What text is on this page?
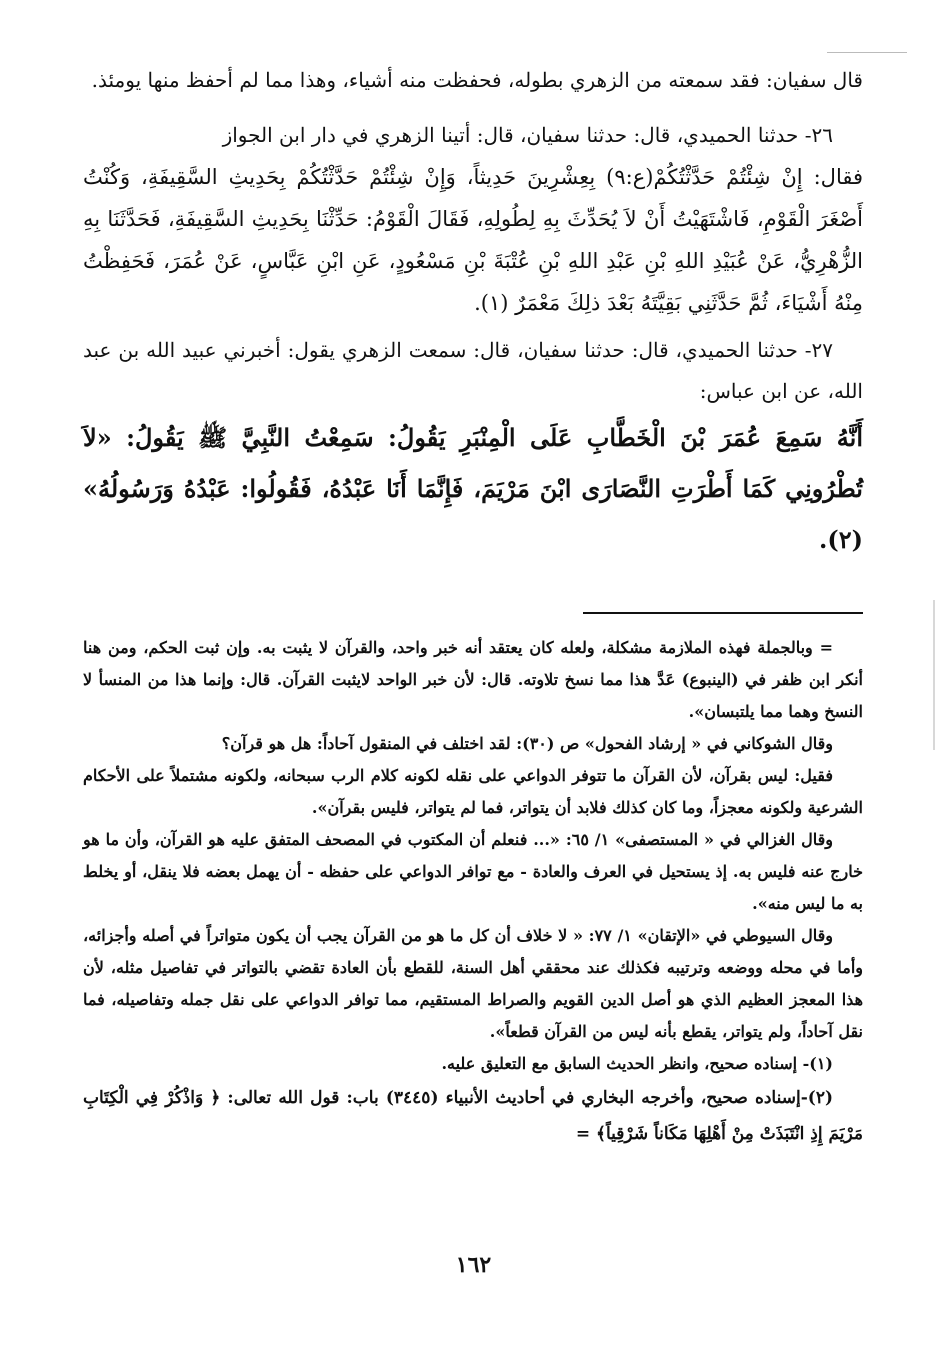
قال سفيان: فقد سمعته من الزهري بطوله، فحفظت منه أشياء، وهذا مما لم أحفظ منها يومئذ.

٢٦- حدثنا الحميدي، قال: حدثنا سفيان، قال: أتينا الزهري في دار ابن الجواز

فقال: إِنْ شِئْتُمْ حَدَّثْتُكُمْ(ع:٩) بِعِشْرِينَ حَدِيثاً، وَإِنْ شِئْتُمْ حَدَّثْتُكُمْ بِحَدِيثِ السَّقِيفَةِ، وَكُنْتُ أَصْغَرَ الْقَوْمِ، فَاشْتَهَيْتُ أَنْ لاَ يُحَدِّثَ بِهِ لِطُولِهِ، فَقَالَ الْقَوْمُ: حَدِّثْنَا بِحَدِيثِ السَّقِيفَةِ، فَحَدَّثَنَا بِهِ الزُّهْرِيُّ، عَنْ عُبَيْدِ اللهِ بْنِ عَبْدِ اللهِ بْنِ عُتْبَةَ بْنِ مَسْعُودٍ، عَنِ ابْنِ عَبَّاسٍ، عَنْ عُمَرَ، فَحَفِظْتُ مِنْهُ أَشْيَاءَ، ثُمَّ حَدَّثَنِي بَقِيَّتَهُ بَعْدَ ذلِكَ مَعْمَرٌ (١).

٢٧- حدثنا الحميدي، قال: حدثنا سفيان، قال: سمعت الزهري يقول: أخبرني عبيد الله بن عبد الله، عن ابن عباس:

أَنَّهُ سَمِعَ عُمَرَ بْنَ الْخَطَّابِ عَلَى الْمِنْبَرِ يَقُولُ: سَمِعْتُ النَّبِيَّ ﷺ يَقُولُ: «لاَ تُطْرُونِي كَمَا أَطْرَتِ النَّصَارَى ابْنَ مَرْيَمَ، فَإِنَّمَا أَنَا عَبْدُهُ، فَقُولُوا: عَبْدُهُ وَرَسُولُهُ» (٢).

= وبالجملة فهذه الملازمة مشكلة، ولعله كان يعتقد أنه خبر واحد، والقرآن لا يثبت به. وإن ثبت الحكم، ومن هنا أنكر ابن ظفر في (الينبوع) عَدَّ هذا مما نسخ تلاوته. قال: لأن خبر الواحد لايثبت القرآن. قال: وإنما هذا من المنسأ لا النسخ وهما مما يلتبسان».

وقال الشوكاني في « إرشاد الفحول» ص (٣٠): لقد اختلف في المنقول آحاداً: هل هو قرآن؟

فقيل: ليس بقرآن، لأن القرآن ما تتوفر الدواعي على نقله لكونه كلام الرب سبحانه، ولكونه مشتملاً على الأحكام الشرعية ولكونه معجزاً، وما كان كذلك فلابد أن يتواتر، فما لم يتواتر، فليس بقرآن».

وقال الغزالي في « المستصفى» ١/ ٦٥: «... فنعلم أن المكتوب في المصحف المتفق عليه هو القرآن، وأن ما هو خارج عنه فليس به. إذ يستحيل في العرف والعادة - مع توافر الدواعي على حفظه - أن يهمل بعضه فلا ينقل، أو يخلط به ما ليس منه».

وقال السيوطي في «الإتقان» ١/ ٧٧: « لا خلاف أن كل ما هو من القرآن يجب أن يكون متواتراً في أصله وأجزائه، وأما في محله ووضعه وترتيبه فكذلك عند محققي أهل السنة، للقطع بأن العادة تقضي بالتواتر في تفاصيل مثله، لأن هذا المعجز العظيم الذي هو أصل الدين القويم والصراط المستقيم، مما توافر الدواعي على نقل جمله وتفاصيله، فما نقل آحاداً، ولم يتواتر، يقطع بأنه ليس من القرآن قطعاً».

(١)- إسناده صحيح، وانظر الحديث السابق مع التعليق عليه.

(٢)-إسناده صحيح، وأخرجه البخاري في أحاديث الأنبياء (٣٤٤٥) باب: قول الله تعالى: ﴿ وَاذْكُرْ فِي الْكِتَابِ مَرْيَمَ إِذِ انْتَبَذَتْ مِنْ أَهْلِهَا مَكَاناً شَرْقِياً﴾ =

١٦٢
